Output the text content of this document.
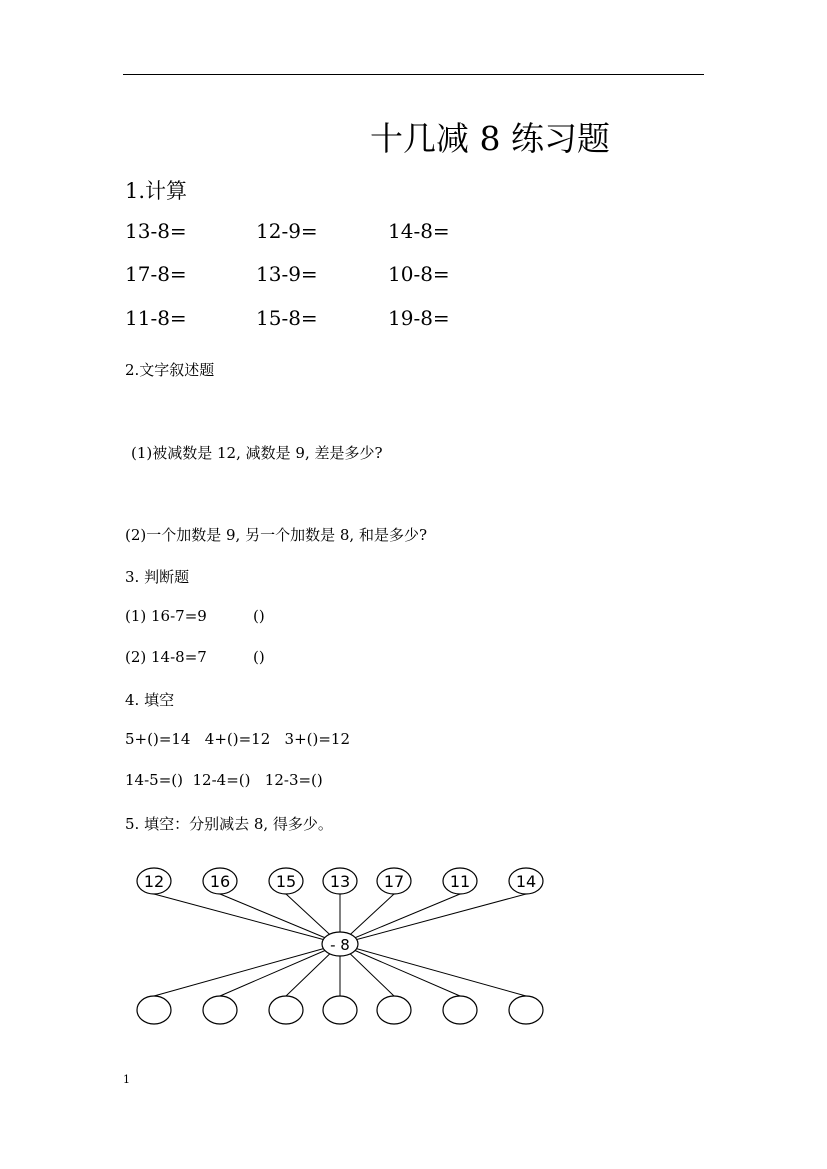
十几减 8 练习题
1.计算
13-8=	12-9=	14-8=
17-8=	13-9=	10-8=
11-8=	15-8=	19-8=
2.文字叙述题
(1)被减数是 12, 减数是 9, 差是多少?
(2)一个加数是 9, 另一个加数是 8, 和是多少?
3. 判断题
(1) 16-7=9	()
(2) 14-8=7	()
4. 填空
5+()=14   4+()=12   3+()=12
14-5=()  12-4=()   12-3=()
5. 填空：分别减去 8, 得多少。
12	16	15 13 17	11	14
- 8
1
